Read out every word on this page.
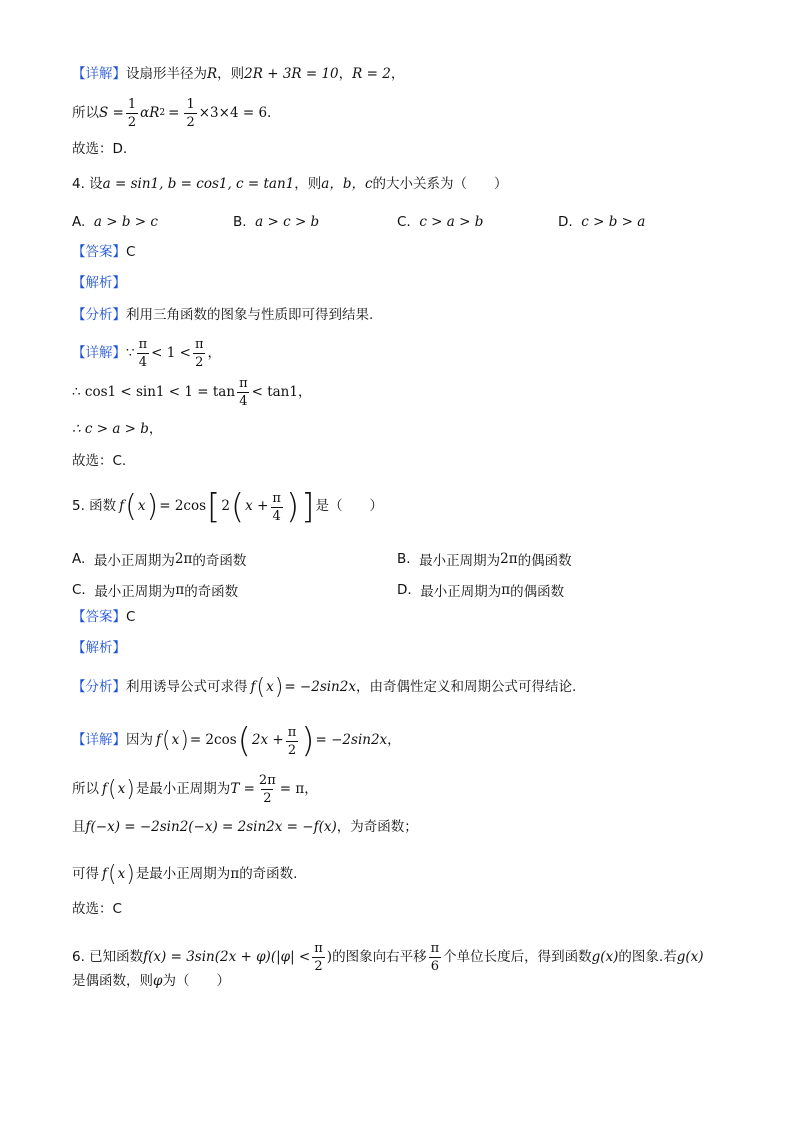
【详解】 设扇形半径为 R ，则 2R + 3R = 10 ， R = 2 ，
所以 $S = \frac{1}{2}$ αR $2 = \frac{1}{2} \times 3\times 4 = 6$ .
故选：D.
4. 设 a = sin1, b = cos1, c = tan1 ，则 a，b，c 的大小关系为（　　）
A.
a > b > c	B.
a > c > b	C.
c > a > b	D.
c > b > a
【答案】 C
【解析】
【分析】 利用三角函数的图象与性质即可得到结果.
【详解】 ∵ $\frac{\pi}{4} < 1 < \frac{\pi}{2}$ ，
∴ $\cos 1 < \sin 1 < 1 = \tan \frac{\pi}{4} < \tan 1$ ，
∴ c > a > b ，
故选：C.
5. 函数 f ( x ) = 2cos [ 2 ( $x + \frac{\pi}{4}$ ) ] 是（　　）
A.
最小正周期为 2π 的奇函数	B.
最小正周期为 2π 的偶函数
C.
最小正周期为 π 的奇函数	D.
最小正周期为 π 的偶函数
【答案】 C
【解析】
【分析】 利用诱导公式可求得 f ( x ) = −2sin2x ，由奇偶性定义和周期公式可得结论.
【详解】 因为 f ( x ) = 2cos ( $2x + \frac{\pi}{2}$ ) = −2sin2x ，
所以 f ( x ) 是最小正周期为 $T = \frac{2\pi}{2} = \pi$ ，
且 f(−x) = −2sin2(−x) = 2sin2x = −f(x) ，为奇函数；
可得 f ( x ) 是最小正周期为 π 的奇函数.
故选：C
6. 已知函数 $f(x) = 3\sin(2x + \varphi)(|\varphi| < \frac{\pi}{2}$ ) 的图象向右平移 $\frac{\pi}{6}$ 个单位长度后，得到函数 g(x) 的图象.若 g(x)
是偶函数，则 φ 为（　　）
